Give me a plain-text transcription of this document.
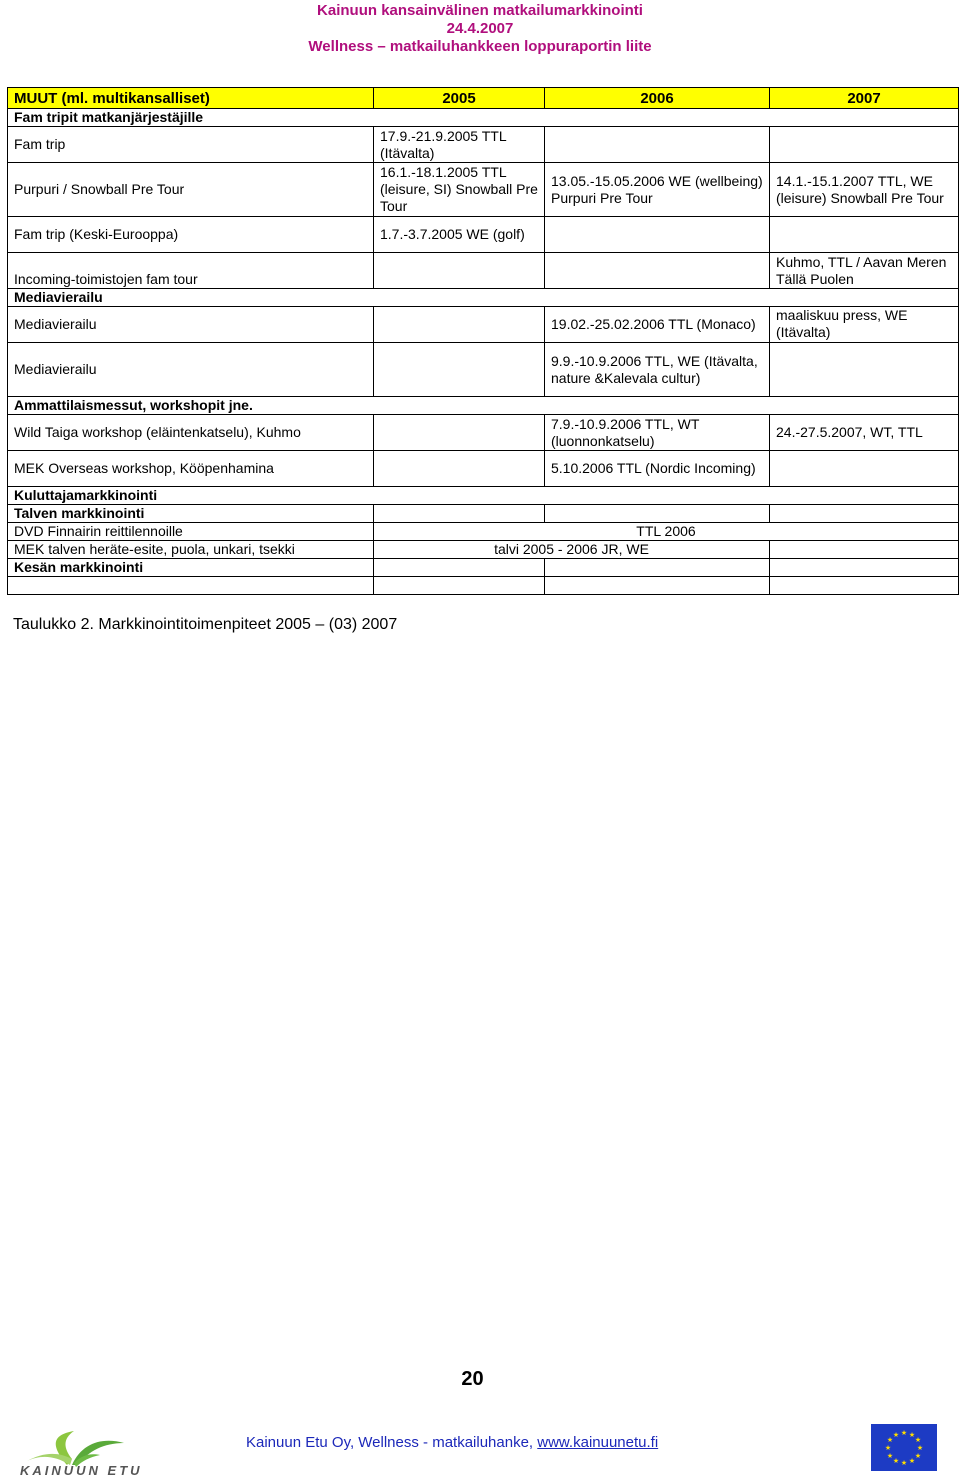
Kainuun kansainvälinen matkailumarkkinointi
24.4.2007
Wellness – matkailuhankkeen loppuraportin liite
MUUT (ml. multikansalliset)	2005	2006	2007
Fam tripit matkanjärjestäjille			
Fam trip	17.9.-21.9.2005 TTL (Itävalta)		
Purpuri / Snowball Pre Tour	16.1.-18.1.2005 TTL (leisure, SI) Snowball Pre Tour	13.05.-15.05.2006 WE (wellbeing) Purpuri Pre Tour	14.1.-15.1.2007 TTL, WE (leisure) Snowball Pre Tour
Fam trip (Keski-Eurooppa)	1.7.-3.7.2005 WE (golf)		
Incoming-toimistojen fam tour			Kuhmo, TTL / Aavan Meren Tällä Puolen
Mediavierailu			
Mediavierailu		19.02.-25.02.2006 TTL (Monaco)	maaliskuu press, WE (Itävalta)
Mediavierailu		9.9.-10.9.2006 TTL, WE (Itävalta, nature &Kalevala cultur)	
Ammattilaismessut, workshopit jne.			
Wild Taiga workshop (eläintenkatselu), Kuhmo		7.9.-10.9.2006 TTL, WT (luonnonkatselu)	24.-27.5.2007, WT, TTL
MEK Overseas workshop, Kööpenhamina		5.10.2006 TTL (Nordic Incoming)	
Kuluttajamarkkinointi			
Talven markkinointi			
DVD Finnairin reittilennoille	TTL 2006		
MEK talven heräte-esite, puola, unkari, tsekki	talvi 2005 - 2006 JR, WE		
Kesän markkinointi			

Taulukko 2. Markkinointitoimenpiteet 2005 – (03) 2007
20
KAINUUN ETU
Kainuun Etu Oy, Wellness - matkailuhanke, www.kainuunetu.fi
★ ★
★
★
★
★
★
★
★
★
★
★
